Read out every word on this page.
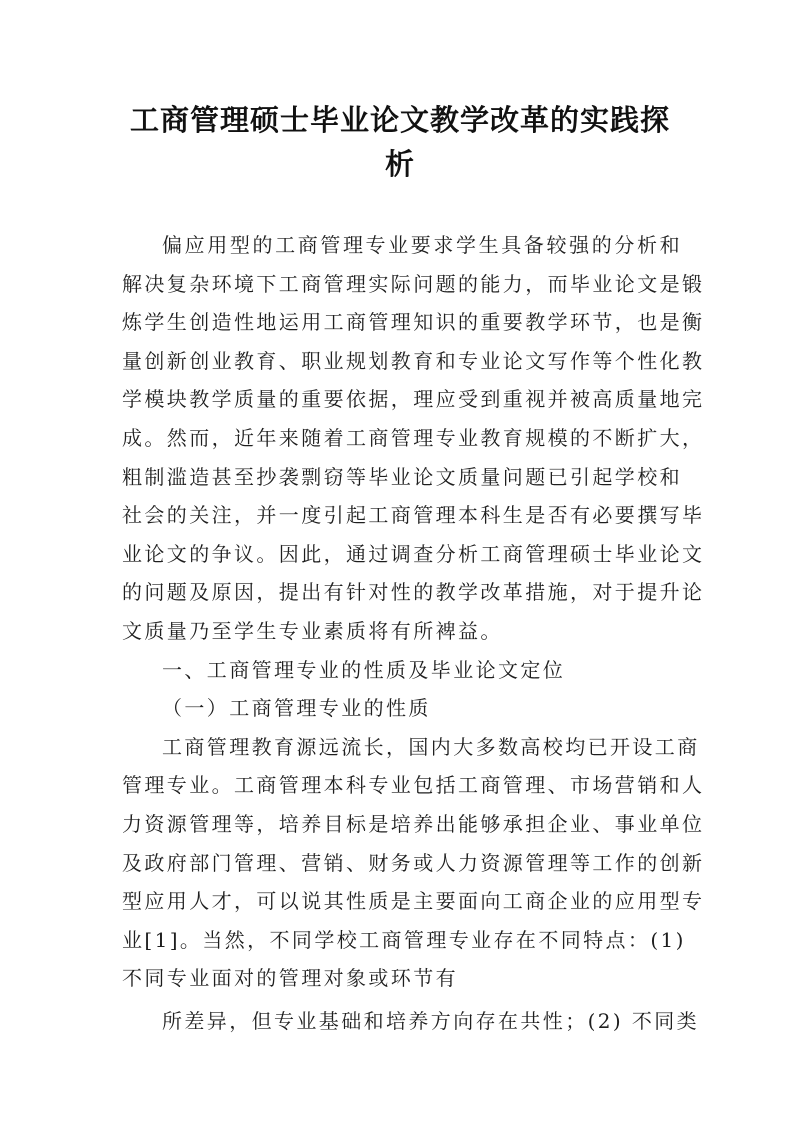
工商管理硕士毕业论文教学改革的实践探
析
偏应用型的工商管理专业要求学生具备较强的分析和
解决复杂环境下工商管理实际问题的能力，而毕业论文是锻
炼学生创造性地运用工商管理知识的重要教学环节，也是衡
量创新创业教育、职业规划教育和专业论文写作等个性化教
学模块教学质量的重要依据，理应受到重视并被高质量地完
成。然而，近年来随着工商管理专业教育规模的不断扩大，
粗制滥造甚至抄袭剽窃等毕业论文质量问题已引起学校和
社会的关注，并一度引起工商管理本科生是否有必要撰写毕
业论文的争议。因此，通过调查分析工商管理硕士毕业论文
的问题及原因，提出有针对性的教学改革措施，对于提升论
文质量乃至学生专业素质将有所裨益。
一、工商管理专业的性质及毕业论文定位
（一）工商管理专业的性质
工商管理教育源远流长，国内大多数高校均已开设工商
管理专业。工商管理本科专业包括工商管理、市场营销和人
力资源管理等，培养目标是培养出能够承担企业、事业单位
及政府部门管理、营销、财务或人力资源管理等工作的创新
型应用人才，可以说其性质是主要面向工商企业的应用型专
业[1]。当然，不同学校工商管理专业存在不同特点：(1)
不同专业面对的管理对象或环节有
所差异，但专业基础和培养方向存在共性；(2) 不同类
